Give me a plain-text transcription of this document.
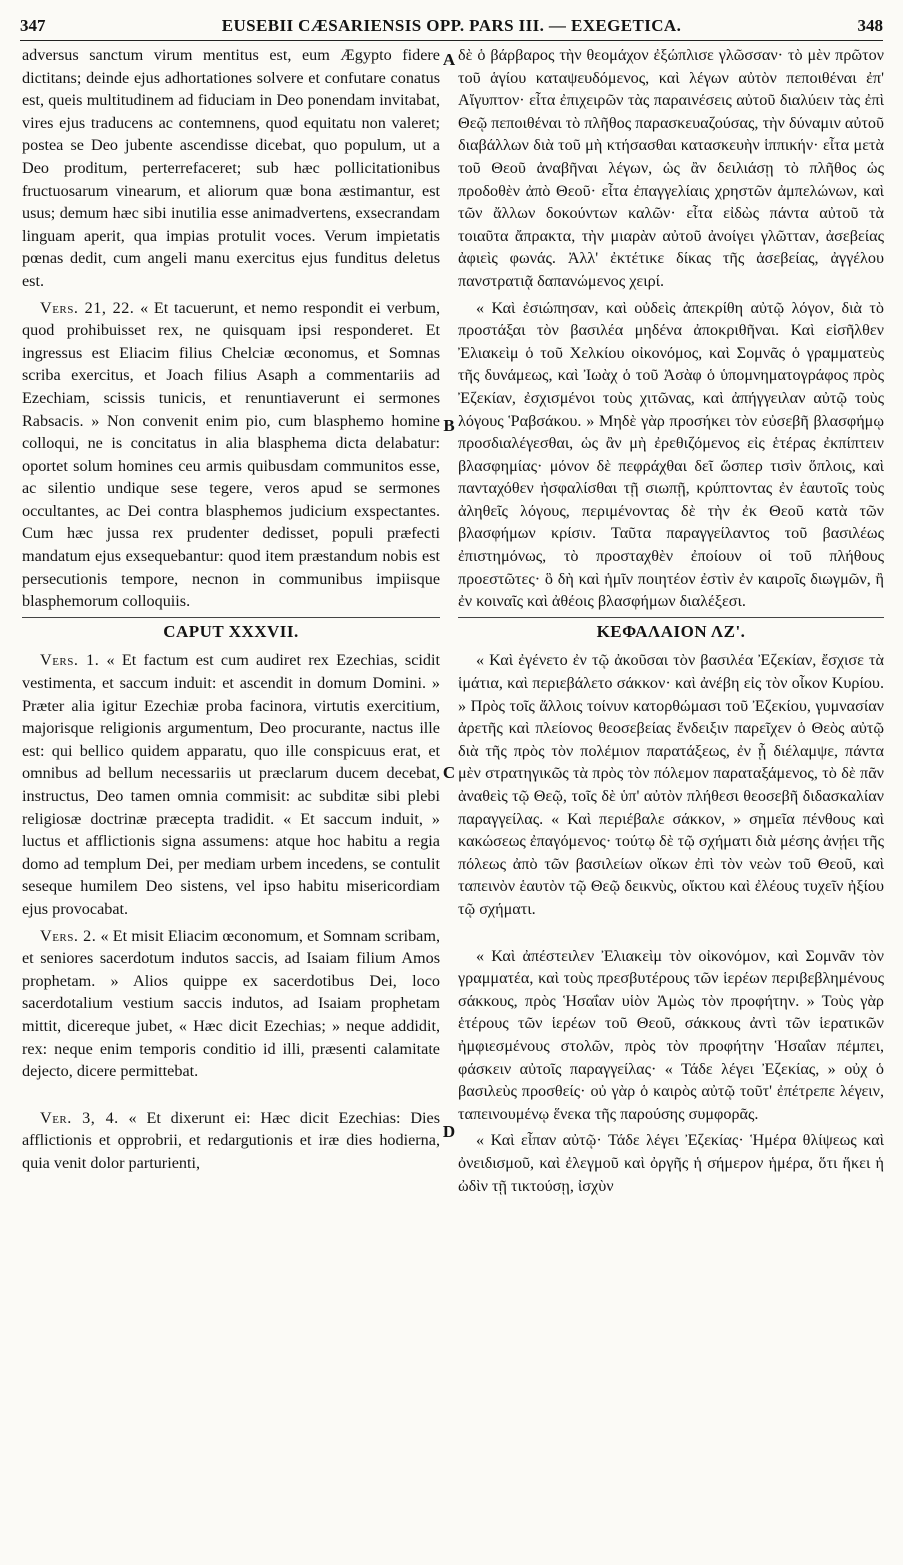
347	EUSEBII CÆSARIENSIS OPP. PARS III. — EXEGETICA.	348
A
B
C
D

adversus sanctum virum mentitus est, eum Ægypto fidere dictitans; deinde ejus adhortationes solvere et confutare conatus est, queis multitudinem ad fiduciam in Deo ponendam invitabat, vires ejus traducens ac contemnens, quod equitatu non valeret; postea se Deo jubente ascendisse dicebat, quo populum, ut a Deo proditum, perterrefaceret; sub hæc pollicitationibus fructuosarum vinearum, et aliorum quæ bona æstimantur, est usus; demum hæc sibi inutilia esse animadvertens, exsecrandam linguam aperit, qua impias protulit voces. Verum impietatis pœnas dedit, cum angeli manu exercitus ejus funditus deletus est.

Vers. 21, 22. « Et tacuerunt, et nemo respondit ei verbum, quod prohibuisset rex, ne quisquam ipsi responderet. Et ingressus est Eliacim filius Chelciæ œconomus, et Somnas scriba exercitus, et Joach filius Asaph a commentariis ad Ezechiam, scissis tunicis, et renuntiaverunt ei sermones Rabsacis. » Non convenit enim pio, cum blasphemo homine colloqui, ne is concitatus in alia blasphema dicta delabatur: oportet solum homines ceu armis quibusdam communitos esse, ac silentio undique sese tegere, veros apud se sermones occultantes, ac Dei contra blasphemos judicium exspectantes. Cum hæc jussa rex prudenter dedisset, populi præfecti mandatum ejus exsequebantur: quod item præstandum nobis est persecutionis tempore, necnon in communibus impiisque blasphemorum colloquiis.

CAPUT XXXVII.

Vers. 1. « Et factum est cum audiret rex Ezechias, scidit vestimenta, et saccum induit: et ascendit in domum Domini. » Præter alia igitur Ezechiæ proba facinora, virtutis exercitium, majorisque religionis argumentum, Deo procurante, nactus ille est: qui bellico quidem apparatu, quo ille conspicuus erat, et omnibus ad bellum necessariis ut præclarum ducem decebat, instructus, Deo tamen omnia commisit: ac subditæ sibi plebi religiosæ doctrinæ præcepta tradidit. « Et saccum induit, » luctus et afflictionis signa assumens: atque hoc habitu a regia domo ad templum Dei, per mediam urbem incedens, se contulit seseque humilem Deo sistens, vel ipso habitu misericordiam ejus provocabat.

Vers. 2. « Et misit Eliacim œconomum, et Somnam scribam, et seniores sacerdotum indutos saccis, ad Isaiam filium Amos prophetam. » Alios quippe ex sacerdotibus Dei, loco sacerdotalium vestium saccis indutos, ad Isaiam prophetam mittit, dicereque jubet, « Hæc dicit Ezechias; » neque addidit, rex: neque enim temporis conditio id illi, præsenti calamitate dejecto, dicere permittebat.

Ver. 3, 4. « Et dixerunt ei: Hæc dicit Ezechias: Dies afflictionis et opprobrii, et redargutionis et iræ dies hodierna, quia venit dolor parturienti,

δὲ ὁ βάρβαρος τὴν θεομάχον ἐξώπλισε γλῶσσαν· τὸ μὲν πρῶτον τοῦ ἁγίου καταψευδόμενος, καὶ λέγων αὐτὸν πεποιθέναι ἐπ' Αἴγυπτον· εἶτα ἐπιχειρῶν τὰς παραινέσεις αὐτοῦ διαλύειν τὰς ἐπὶ Θεῷ πεποιθέναι τὸ πλῆθος παρασκευαζούσας, τὴν δύναμιν αὐτοῦ διαβάλλων διὰ τοῦ μὴ κτήσασθαι κατασκευὴν ἱππικήν· εἶτα μετὰ τοῦ Θεοῦ ἀναβῆναι λέγων, ὡς ἂν δειλιάσῃ τὸ πλῆθος ὡς προδοθὲν ἀπὸ Θεοῦ· εἶτα ἐπαγγελίαις χρηστῶν ἀμπελώνων, καὶ τῶν ἄλλων δοκούντων καλῶν· εἶτα εἰδὼς πάντα αὐτοῦ τὰ τοιαῦτα ἄπρακτα, τὴν μιαρὰν αὐτοῦ ἀνοίγει γλῶτταν, ἀσεβείας ἀφιεὶς φωνάς. Ἀλλ' ἐκτέτικε δίκας τῆς ἀσεβείας, ἀγγέλου πανστρατιᾷ δαπανώμενος χειρί.

« Καὶ ἐσιώπησαν, καὶ οὐδεὶς ἀπεκρίθη αὐτῷ λόγον, διὰ τὸ προστάξαι τὸν βασιλέα μηδένα ἀποκριθῆναι. Καὶ εἰσῆλθεν Ἐλιακεὶμ ὁ τοῦ Χελκίου οἰκονόμος, καὶ Σομνᾶς ὁ γραμματεὺς τῆς δυνάμεως, καὶ Ἰωὰχ ὁ τοῦ Ἀσὰφ ὁ ὑπομνηματογράφος πρὸς Ἐζεκίαν, ἐσχισμένοι τοὺς χιτῶνας, καὶ ἀπήγγειλαν αὐτῷ τοὺς λόγους Ῥαβσάκου. » Μηδὲ γὰρ προσήκει τὸν εὐσεβῆ βλασφήμῳ προσδιαλέγεσθαι, ὡς ἂν μὴ ἐρεθιζόμενος εἰς ἑτέρας ἐκπίπτειν βλασφημίας· μόνον δὲ πεφράχθαι δεῖ ὥσπερ τισὶν ὅπλοις, καὶ πανταχόθεν ἠσφαλίσθαι τῇ σιωπῇ, κρύπτοντας ἐν ἑαυτοῖς τοὺς ἀληθεῖς λόγους, περιμένοντας δὲ τὴν ἐκ Θεοῦ κατὰ τῶν βλασφήμων κρίσιν. Ταῦτα παραγγείλαντος τοῦ βασιλέως ἐπιστημόνως, τὸ προσταχθὲν ἐποίουν οἱ τοῦ πλήθους προεστῶτες· ὃ δὴ καὶ ἡμῖν ποιητέον ἐστὶν ἐν καιροῖς διωγμῶν, ἢ ἐν κοιναῖς καὶ ἀθέοις βλασφήμων διαλέξεσι.

ΚΕΦΑΛΑΙΟΝ ΛΖ'.

« Καὶ ἐγένετο ἐν τῷ ἀκοῦσαι τὸν βασιλέα Ἐζεκίαν, ἔσχισε τὰ ἱμάτια, καὶ περιεβάλετο σάκκον· καὶ ἀνέβη εἰς τὸν οἶκον Κυρίου. » Πρὸς τοῖς ἄλλοις τοίνυν κατορθώμασι τοῦ Ἐζεκίου, γυμνασίαν ἀρετῆς καὶ πλείονος θεοσεβείας ἔνδειξιν παρεῖχεν ὁ Θεὸς αὐτῷ διὰ τῆς πρὸς τὸν πολέμιον παρατάξεως, ἐν ᾗ διέλαμψε, πάντα μὲν στρατηγικῶς τὰ πρὸς τὸν πόλεμον παραταξάμενος, τὸ δὲ πᾶν ἀναθεὶς τῷ Θεῷ, τοῖς δὲ ὑπ' αὐτὸν πλήθεσι θεοσεβῆ διδασκαλίαν παραγγείλας. « Καὶ περιέβαλε σάκκον, » σημεῖα πένθους καὶ κακώσεως ἐπαγόμενος· τούτῳ δὲ τῷ σχήματι διὰ μέσης ἀνῄει τῆς πόλεως ἀπὸ τῶν βασιλείων οἴκων ἐπὶ τὸν νεὼν τοῦ Θεοῦ, καὶ ταπεινὸν ἑαυτὸν τῷ Θεῷ δεικνὺς, οἴκτου καὶ ἐλέους τυχεῖν ἠξίου τῷ σχήματι.

« Καὶ ἀπέστειλεν Ἐλιακεὶμ τὸν οἰκονόμον, καὶ Σομνᾶν τὸν γραμματέα, καὶ τοὺς πρεσβυτέρους τῶν ἱερέων περιβεβλημένους σάκκους, πρὸς Ἡσαΐαν υἱὸν Ἀμὼς τὸν προφήτην. » Τοὺς γὰρ ἑτέρους τῶν ἱερέων τοῦ Θεοῦ, σάκκους ἀντὶ τῶν ἱερατικῶν ἠμφιεσμένους στολῶν, πρὸς τὸν προφήτην Ἡσαΐαν πέμπει, φάσκειν αὐτοῖς παραγγείλας· « Τάδε λέγει Ἐζεκίας, » οὐχ ὁ βασιλεὺς προσθείς· οὐ γὰρ ὁ καιρὸς αὐτῷ τοῦτ' ἐπέτρεπε λέγειν, ταπεινουμένῳ ἕνεκα τῆς παρούσης συμφορᾶς.

« Καὶ εἶπαν αὐτῷ· Τάδε λέγει Ἐζεκίας· Ἡμέρα θλίψεως καὶ ὀνειδισμοῦ, καὶ ἐλεγμοῦ καὶ ὀργῆς ἡ σήμερον ἡμέρα, ὅτι ἥκει ἡ ὠδὶν τῇ τικτούσῃ, ἰσχὺν
